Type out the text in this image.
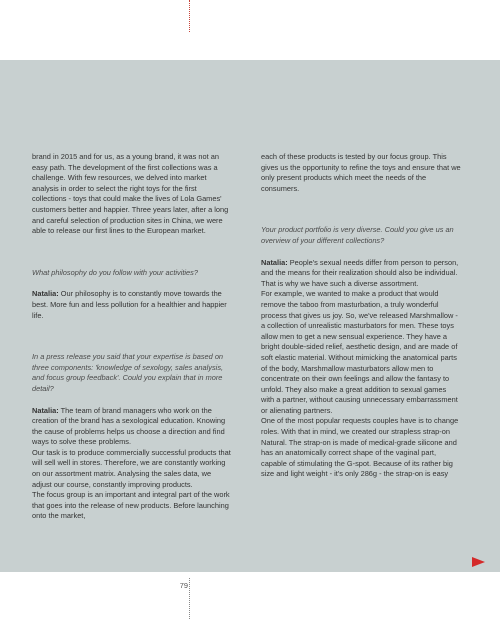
brand in 2015 and for us, as a young brand, it was not an easy path. The development of the first collections was a challenge. With few resources, we delved into market analysis in order to select the right toys for the first collections - toys that could make the lives of Lola Games' customers better and happier. Three years later, after a long and careful selection of production sites in China, we were able to release our first lines to the European market.

What philosophy do you follow with your activities?

Natalia: Our philosophy is to constantly move towards the best. More fun and less pollution for a healthier and happier life.

In a press release you said that your expertise is based on three components: 'knowledge of sexology, sales analysis, and focus group feedback'. Could you explain that in more detail?

Natalia: The team of brand managers who work on the creation of the brand has a sexological education. Knowing the cause of problems helps us choose a direction and find ways to solve these problems.

Our task is to produce commercially successful products that will sell well in stores. Therefore, we are constantly working on our assortment matrix. Analysing the sales data, we adjust our course, constantly improving products.

The focus group is an important and integral part of the work that goes into the release of new products. Before launching onto the market,

each of these products is tested by our focus group. This gives us the opportunity to refine the toys and ensure that we only present products which meet the needs of the consumers.

Your product portfolio is very diverse. Could you give us an overview of your different collections?

Natalia: People's sexual needs differ from person to person, and the means for their realization should also be individual. That is why we have such a diverse assortment.

For example, we wanted to make a product that would remove the taboo from masturbation, a truly wonderful process that gives us joy. So, we've released Marshmallow - a collection of unrealistic masturbators for men. These toys allow men to get a new sensual experience. They have a bright double-sided relief, aesthetic design, and are made of soft elastic material. Without mimicking the anatomical parts of the body, Marshmallow masturbators allow men to concentrate on their own feelings and allow the fantasy to unfold. They also make a great addition to sexual games with a partner, without causing unnecessary embarrassment or alienating partners.

One of the most popular requests couples have is to change roles. With that in mind, we created our strapless strap-on Natural. The strap-on is made of medical-grade silicone and has an anatomically correct shape of the vaginal part, capable of stimulating the G-spot. Because of its rather big size and light weight - it's only 286g - the strap-on is easy

79
